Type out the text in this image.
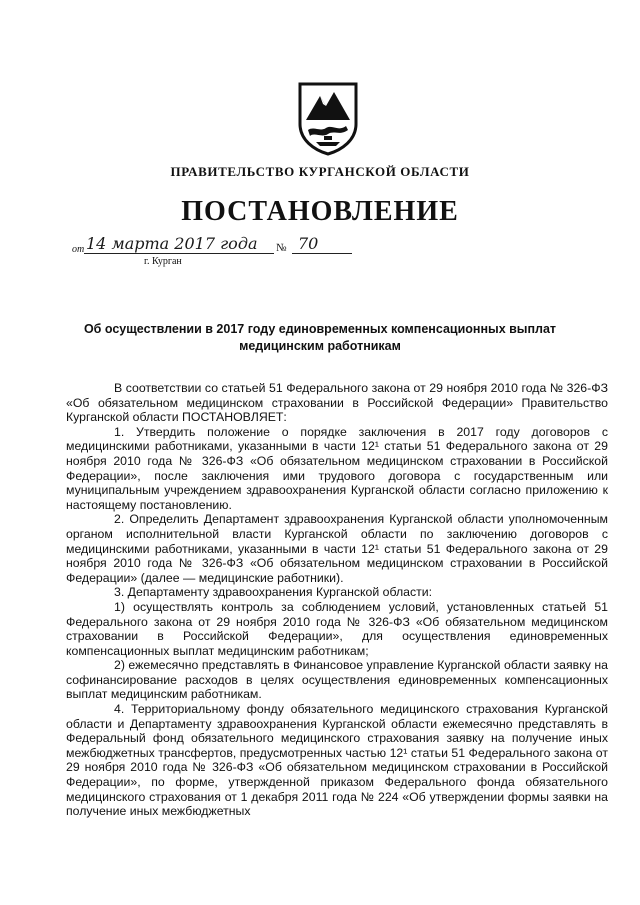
ПРАВИТЕЛЬСТВО КУРГАНСКОЙ ОБЛАСТИ
ПОСТАНОВЛЕНИЕ
от 14 марта 2017 года	№ 70
г. Курган
Об осуществлении в 2017 году единовременных компенсационных выплат медицинским работникам

В соответствии со статьей 51 Федерального закона от 29 ноября 2010 года № 326-ФЗ «Об обязательном медицинском страховании в Российской Федерации» Правительство Курганской области ПОСТАНОВЛЯЕТ:

1. Утвердить положение о порядке заключения в 2017 году договоров с медицинскими работниками, указанными в части 12¹ статьи 51 Федерального закона от 29 ноября 2010 года № 326-ФЗ «Об обязательном медицинском страховании в Российской Федерации», после заключения ими трудового договора с государственным или муниципальным учреждением здравоохранения Курганской области согласно приложению к настоящему постановлению.

2. Определить Департамент здравоохранения Курганской области уполномоченным органом исполнительной власти Курганской области по заключению договоров с медицинскими работниками, указанными в части 12¹ статьи 51 Федерального закона от 29 ноября 2010 года № 326-ФЗ «Об обязательном медицинском страховании в Российской Федерации» (далее — медицинские работники).

3. Департаменту здравоохранения Курганской области:

1) осуществлять контроль за соблюдением условий, установленных статьей 51 Федерального закона от 29 ноября 2010 года № 326-ФЗ «Об обязательном медицинском страховании в Российской Федерации», для осуществления единовременных компенсационных выплат медицинским работникам;

2) ежемесячно представлять в Финансовое управление Курганской области заявку на софинансирование расходов в целях осуществления единовременных компенсационных выплат медицинским работникам.

4. Территориальному фонду обязательного медицинского страхования Курганской области и Департаменту здравоохранения Курганской области ежемесячно представлять в Федеральный фонд обязательного медицинского страхования заявку на получение иных межбюджетных трансфертов, предусмотренных частью 12¹ статьи 51 Федерального закона от 29 ноября 2010 года № 326-ФЗ «Об обязательном медицинском страховании в Российской Федерации», по форме, утвержденной приказом Федерального фонда обязательного медицинского страхования от 1 декабря 2011 года № 224 «Об утверждении формы заявки на получение иных межбюджетных
